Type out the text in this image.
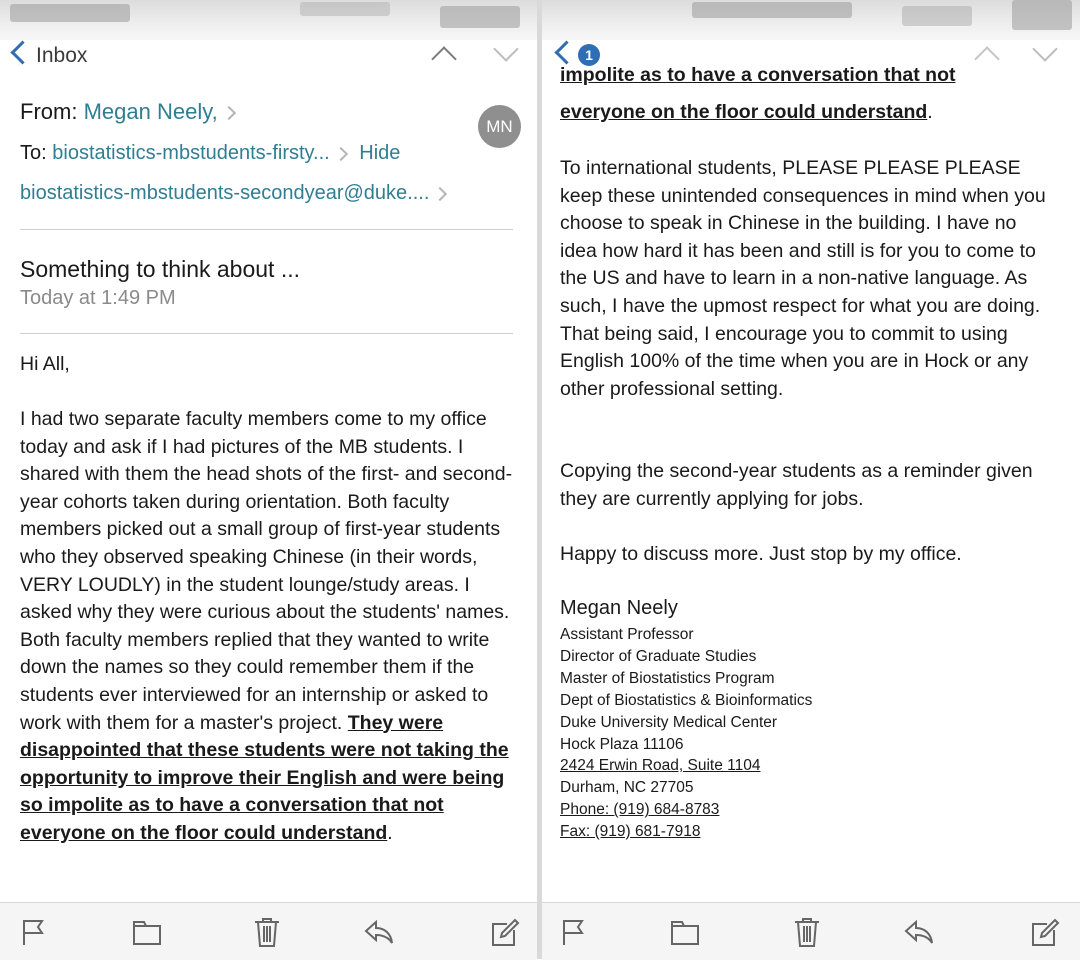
Inbox
From: Megan Neely,
MN
To: biostatistics-mbstudents-firsty... Hide
biostatistics-mbstudents-secondyear@duke....
Something to think about ...
Today at 1:49 PM
Hi All,
I had two separate faculty members come to my office today and ask if I had pictures of the MB students. I shared with them the head shots of the first- and second-year cohorts taken during orientation. Both faculty members picked out a small group of first-year students who they observed speaking Chinese (in their words, VERY LOUDLY) in the student lounge/study areas. I asked why they were curious about the students' names. Both faculty members replied that they wanted to write down the names so they could remember them if the students ever interviewed for an internship or asked to work with them for a master's project. They were disappointed that these students were not taking the opportunity to improve their English and were being so impolite as to have a conversation that not everyone on the floor could understand.
1
impolite as to have a conversation that not
everyone on the floor could understand.
To international students, PLEASE PLEASE PLEASE keep these unintended consequences in mind when you choose to speak in Chinese in the building. I have no idea how hard it has been and still is for you to come to the US and have to learn in a non-native language. As such, I have the upmost respect for what you are doing. That being said, I encourage you to commit to using English 100% of the time when you are in Hock or any other professional setting.
Copying the second-year students as a reminder given they are currently applying for jobs.
Happy to discuss more. Just stop by my office.
Megan Neely
Assistant Professor
Director of Graduate Studies
Master of Biostatistics Program
Dept of Biostatistics & Bioinformatics
Duke University Medical Center
Hock Plaza 11106
2424 Erwin Road, Suite 1104
Durham, NC 27705
Phone: (919) 684-8783
Fax: (919) 681-7918
